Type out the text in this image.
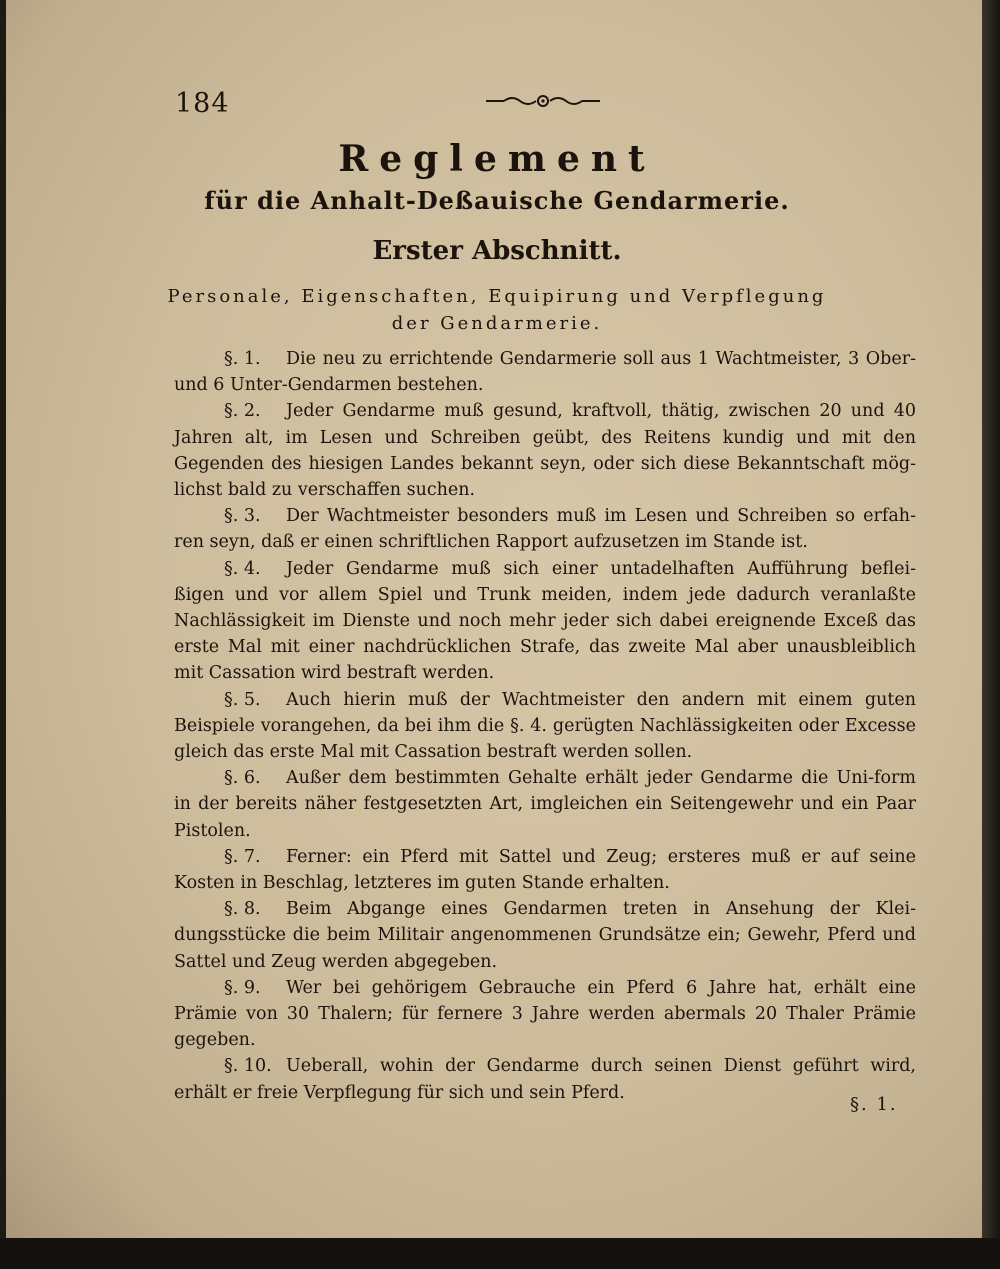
184
Reglement
für die Anhalt-Deßauische Gendarmerie.
Erster Abschnitt.
Personale, Eigenschaften, Equipirung und Verpflegung
der Gendarmerie.

§. 1. Die neu zu errichtende Gendarmerie soll aus 1 Wachtmeister, 3 Ober- und 6 Unter-Gendarmen bestehen.

§. 2. Jeder Gendarme muß gesund, kraftvoll, thätig, zwischen 20 und 40 Jahren alt, im Lesen und Schreiben geübt, des Reitens kundig und mit den Gegenden des hiesigen Landes bekannt seyn, oder sich diese Bekanntschaft mög-lichst bald zu verschaffen suchen.

§. 3. Der Wachtmeister besonders muß im Lesen und Schreiben so erfah-ren seyn, daß er einen schriftlichen Rapport aufzusetzen im Stande ist.

§. 4. Jeder Gendarme muß sich einer untadelhaften Aufführung beflei-ßigen und vor allem Spiel und Trunk meiden, indem jede dadurch veranlaßte Nachlässigkeit im Dienste und noch mehr jeder sich dabei ereignende Exceß das erste Mal mit einer nachdrücklichen Strafe, das zweite Mal aber unausbleiblich mit Cassation wird bestraft werden.

§. 5. Auch hierin muß der Wachtmeister den andern mit einem guten Beispiele vorangehen, da bei ihm die §. 4. gerügten Nachlässigkeiten oder Excesse gleich das erste Mal mit Cassation bestraft werden sollen.

§. 6. Außer dem bestimmten Gehalte erhält jeder Gendarme die Uni-form in der bereits näher festgesetzten Art, imgleichen ein Seitengewehr und ein Paar Pistolen.

§. 7. Ferner: ein Pferd mit Sattel und Zeug; ersteres muß er auf seine Kosten in Beschlag, letzteres im guten Stande erhalten.

§. 8. Beim Abgange eines Gendarmen treten in Ansehung der Klei-dungsstücke die beim Militair angenommenen Grundsätze ein; Gewehr, Pferd und Sattel und Zeug werden abgegeben.

§. 9. Wer bei gehörigem Gebrauche ein Pferd 6 Jahre hat, erhält eine Prämie von 30 Thalern; für fernere 3 Jahre werden abermals 20 Thaler Prämie gegeben.

§. 10. Ueberall, wohin der Gendarme durch seinen Dienst geführt wird, erhält er freie Verpflegung für sich und sein Pferd.

§. 1.
